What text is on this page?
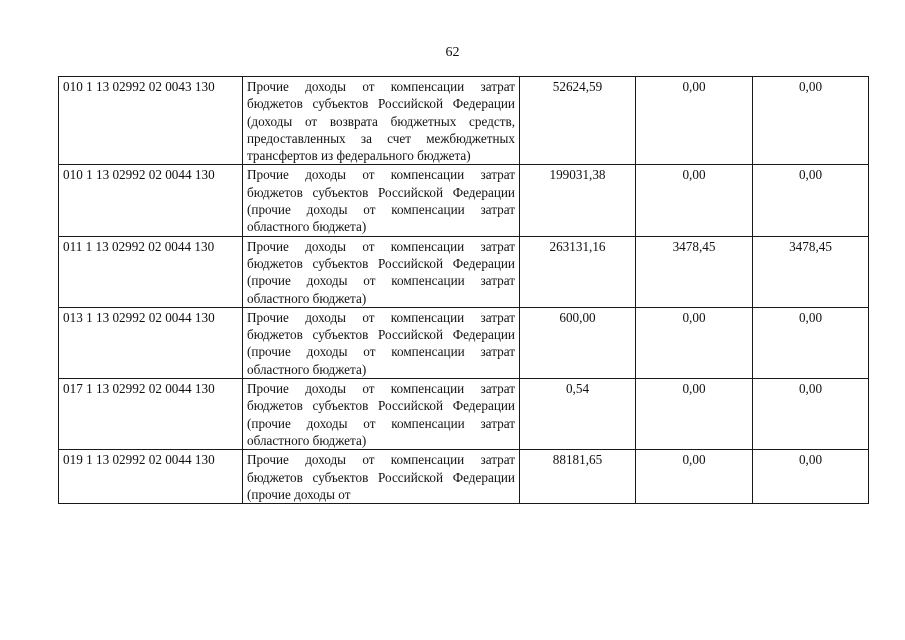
62
010 1 13 02992 02 0043 130	Прочие доходы от компенсации затрат бюджетов субъектов Российской Федерации (доходы от возврата бюджетных средств, предоставленных за счет межбюджетных трансфертов из федерального бюджета)	52624,59	0,00	0,00
010 1 13 02992 02 0044 130	Прочие доходы от компенсации затрат бюджетов субъектов Российской Федерации (прочие доходы от компенсации затрат областного бюджета)	199031,38	0,00	0,00
011 1 13 02992 02 0044 130	Прочие доходы от компенсации затрат бюджетов субъектов Российской Федерации (прочие доходы от компенсации затрат областного бюджета)	263131,16	3478,45	3478,45
013 1 13 02992 02 0044 130	Прочие доходы от компенсации затрат бюджетов субъектов Российской Федерации (прочие доходы от компенсации затрат областного бюджета)	600,00	0,00	0,00
017 1 13 02992 02 0044 130	Прочие доходы от компенсации затрат бюджетов субъектов Российской Федерации (прочие доходы от компенсации затрат областного бюджета)	0,54	0,00	0,00
019 1 13 02992 02 0044 130	Прочие доходы от компенсации затрат бюджетов субъектов Российской Федерации (прочие доходы от	88181,65	0,00	0,00
